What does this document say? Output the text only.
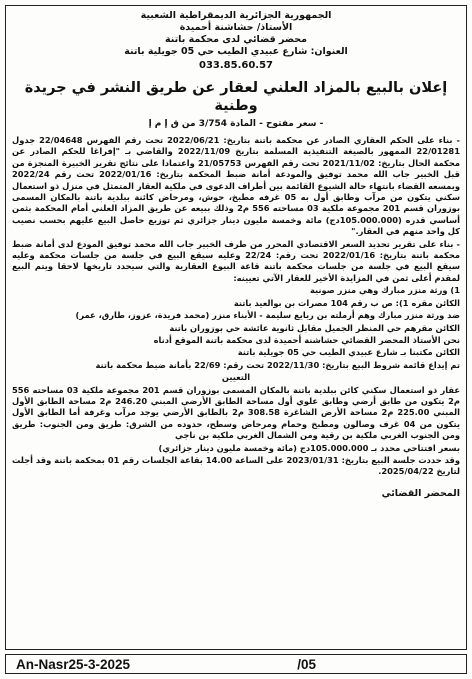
الجمهورية الجزائرية الديمقراطية الشعبية
الأستاذ/ حشاشنة أحميدة
محضر قضائي لدى محكمة باتنة
العنوان: شارع عبيدي الطيب حي 05 جويلية باتنة
033.85.60.57
إعلان بالبيع بالمزاد العلني لعقار عن طريق النشر في جريدة وطنية
- سعر مفتوح - المادة 3/754 من ق إ م إ

- بناء على الحكم العقاري الصادر عن محكمة باتنة بتاريخ: 2022/06/21 تحت رقم الفهرس 22/04648 جدول 22/01281 الممهور بالصيغة التنفيذية المسلمة بتاريخ 2022/11/09 والقاضي بـ "إفراغا للحكم الصادر عن محكمة الحال بتاريخ: 2021/11/02 تحت رقم الفهرس 21/05753 واعتمادا على نتائج تقرير الخبيرة المنجزة من قبل الخبير جاب الله محمد توفيق والمودعة أمانة ضبط المحكمة بتاريخ: 2022/01/16 تحت رقم 2022/24 وبمسعه القضاء بانتهاء حالة الشيوع القائمة بين أطراف الدعوى في ملكية العقار المتمثل في منزل ذو استعمال سكني يتكون من مرآب وطابق أول به 05 غرفه مطبخ، حوش، ومرحاض كائنة ببلدية باتنة بالمكان المسمى بوزوران قسم 201 مجموعة ملكية 03 مساحته 556 م2 وذلك ببيعه عن طريق المزاد العلني أمام المحكمة بثمن أساسي قدره (105.000.000دج) مائة وخمسة مليون دينار جزائري ثم توزيع حاصل البيع عليهم بحسب نصيب كل واحد منهم في العقار."

- بناء على تقرير تحديد السعر الاقتصادي المحرر من طرف الخبير جاب الله محمد توفيق المودع لدى أمانة ضبط محكمة باتنة بتاريخ: 2022/01/16 تحت رقم: 22/24 وعليه سيقع البيع في جلسة من جلسات محكمة وعليه سيقع البيع في جلسة من جلسات محكمة باتنة قاعة البيوع العقارية والتي سيحدد تاريخها لاحقا ويتم البيع لمقدم أعلى ثمن في المزايدة الأخير للعقار الآتي تعيينه:

1) ورثة منزر مبارك وهي منزر صونية

الكائن مقره 1): ص ب رقم 104 مصرات بن بوالعيد باتنة

ضد ورثة منزر مبارك وهم أرملته بن ربايع سليمة - الأبناء منزر (محمد فريدة، عزوز، طارق، عمر)

الكائن مقرهم حي المنظر الجميل مقابل ثانوية عائشة حي بوزوران باتنة

نحن الأستاذ المحضر القضائي حشاشنة أحميدة لدى محكمة باتنة الموقع أدناه

الكائن مكتبنا بـ شارع عبيدي الطيب حي 05 جويلية باتنة

تم إيداع قائمة شروط البيع بتاريخ: 2022/11/30 تحت رقم: 22/69 بأمانة ضبط محكمة باتنة

التعيين

عقار ذو استعمال سكني كائن ببلدية باتنة بالمكان المسمى بوزوران قسم 201 مجموعة ملكية 03 مساحته 556 م2 يتكون من طابق أرضي وطابق علوي أول مساحة الطابق الأرضي المبني 246.20 م2 مساحة الطابق الأول المبني 225.00 م2 مساحة الأرض الشاغرة 308.58 م2 بالطابق الأرضي يوجد مرآب وغرفة أما الطابق الأول يتكون من 04 غرف وصالون ومطبخ وحمام ومرحاض وسطح، حدوده من الشرق: طريق ومن الجنوب: طريق ومن الجنوب الغربي ملكية بن رقية ومن الشمال الغربي ملكية بن ناجي

بسعر افتتاحي محدد بـ 105.000.000دج (مائة وخمسة مليون دينار جزائري)

وقد حددت جلسة البيع بتاريخ: 2023/01/31 على الساعة 14.00 بقاعة الجلسات رقم 01 بمحكمة باتنة وقد أجلت لتاريخ 2025/04/22.

المحضر القضائي
An-Nasr25-3-2025	/05
